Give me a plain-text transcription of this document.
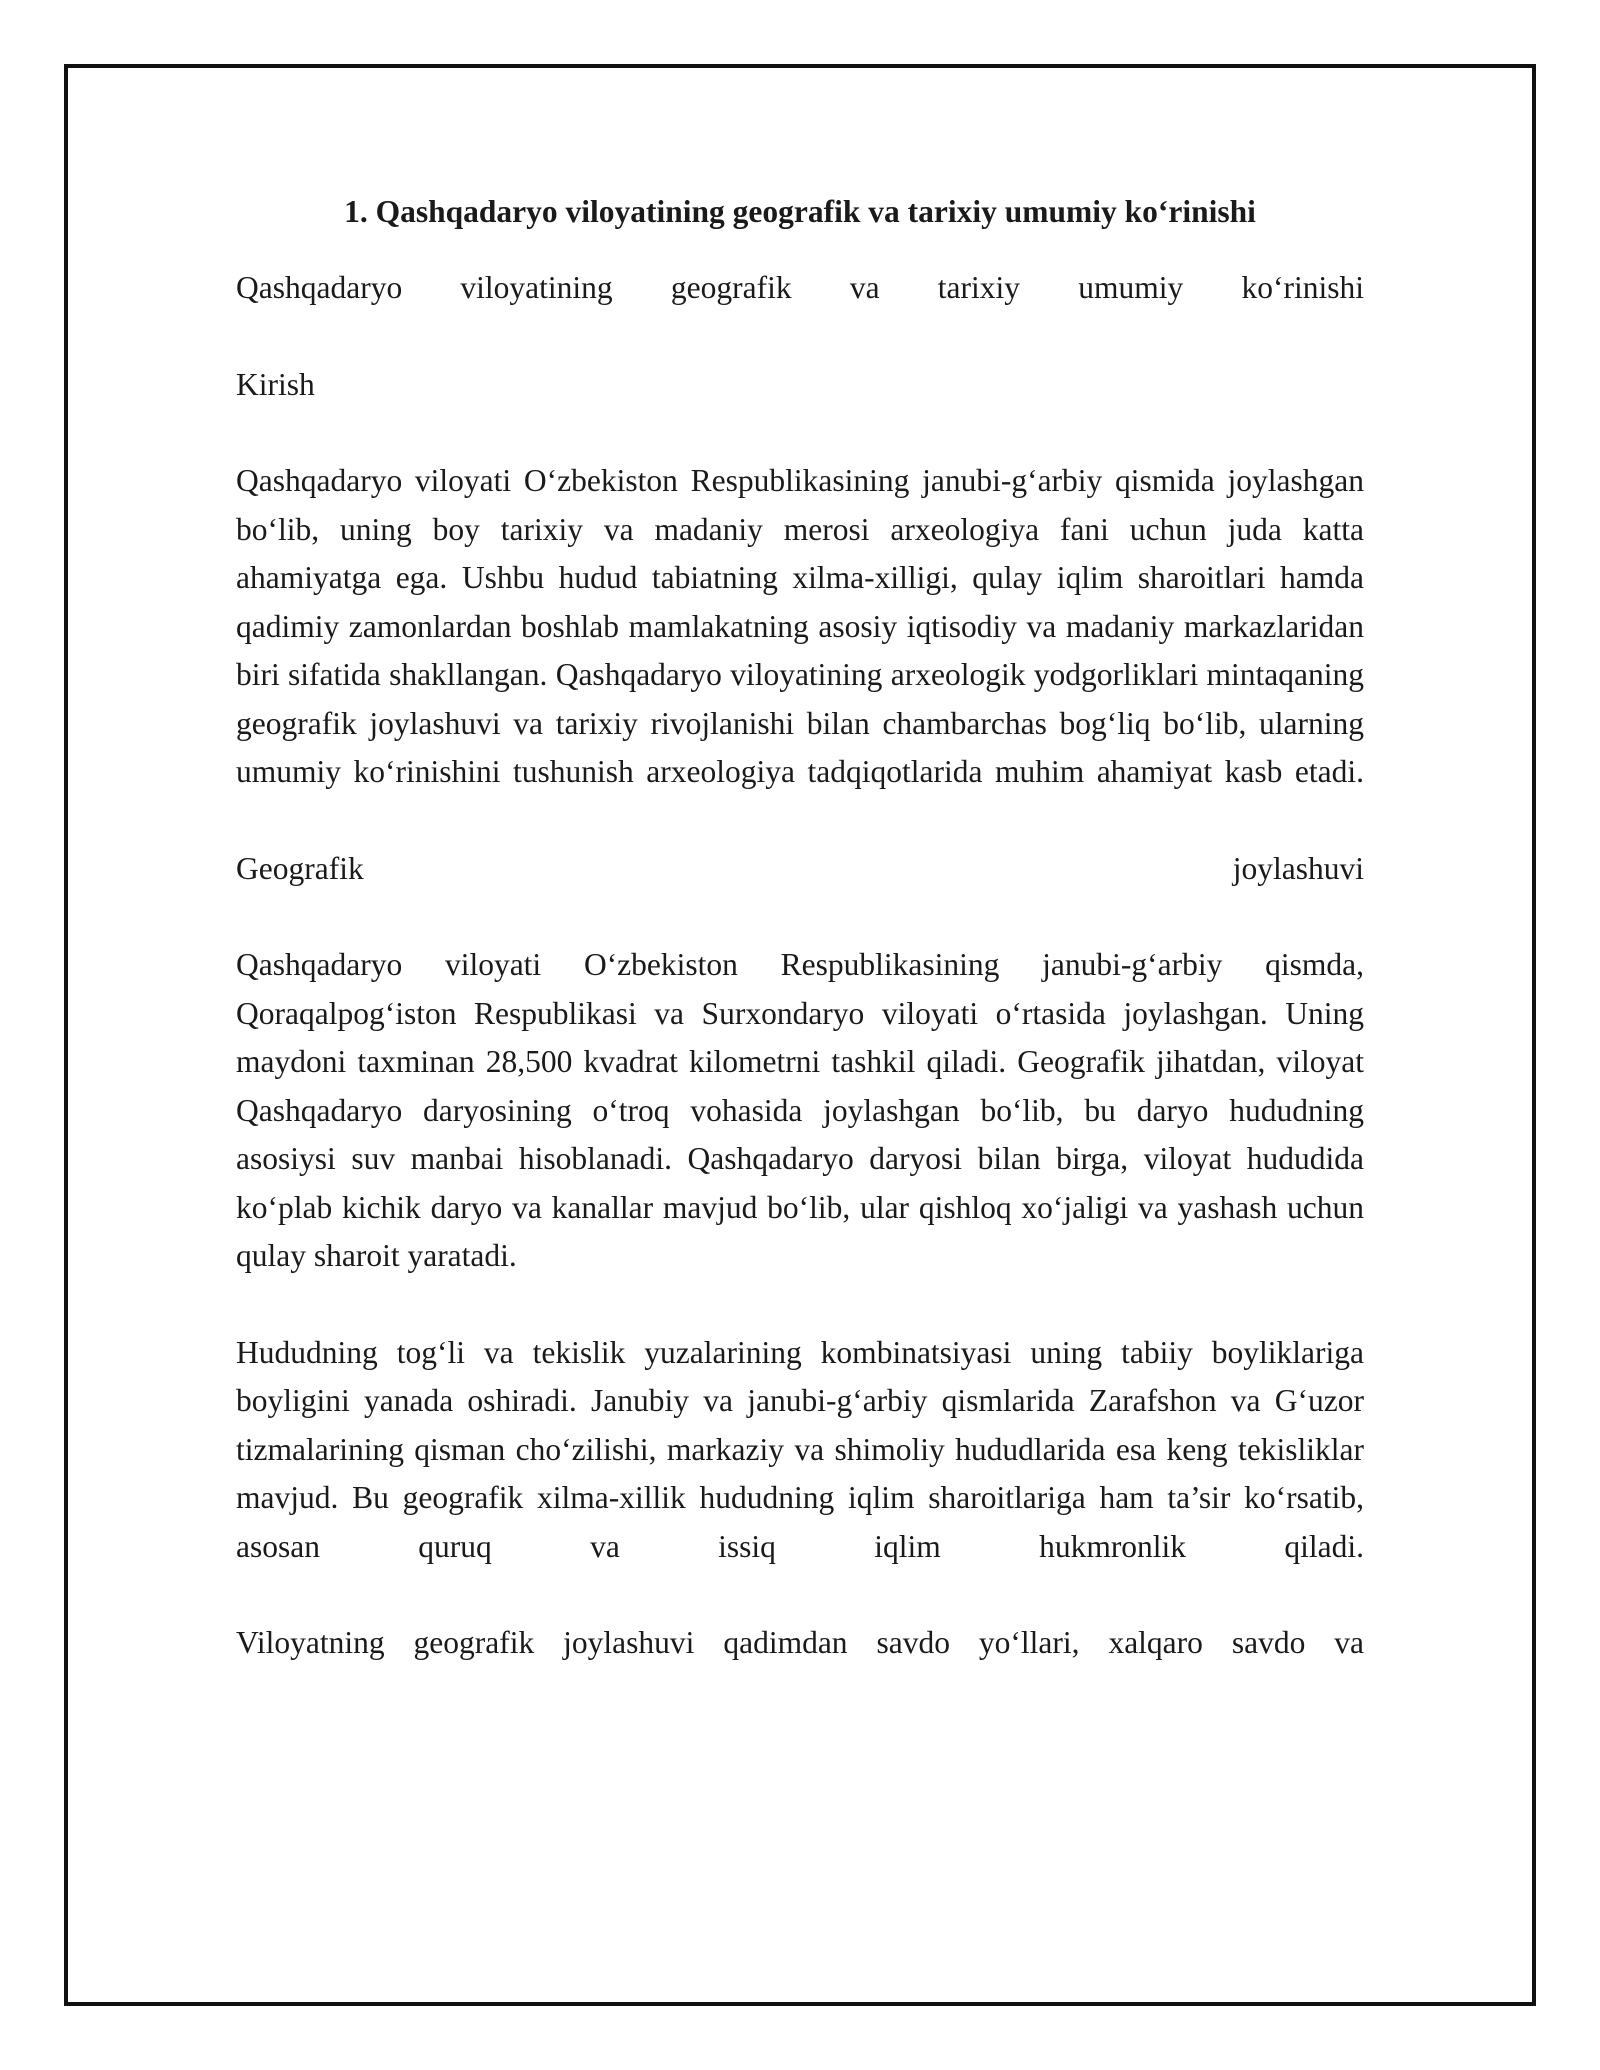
1. Qashqadaryo viloyatining geografik va tarixiy umumiy ko‘rinishi

Qashqadaryo viloyatining geografik va tarixiy umumiy ko‘rinishi

Kirish

Qashqadaryo viloyati O‘zbekiston Respublikasining janubi-g‘arbiy qismida joylashgan bo‘lib, uning boy tarixiy va madaniy merosi arxeologiya fani uchun juda katta ahamiyatga ega. Ushbu hudud tabiatning xilma-xilligi, qulay iqlim sharoitlari hamda qadimiy zamonlardan boshlab mamlakatning asosiy iqtisodiy va madaniy markazlaridan biri sifatida shakllangan. Qashqadaryo viloyatining arxeologik yodgorliklari mintaqaning geografik joylashuvi va tarixiy rivojlanishi bilan chambarchas bog‘liq bo‘lib, ularning umumiy ko‘rinishini tushunish arxeologiya tadqiqotlarida muhim ahamiyat kasb etadi.

Geografik joylashuvi

Qashqadaryo viloyati O‘zbekiston Respublikasining janubi-g‘arbiy qismda, Qoraqalpog‘iston Respublikasi va Surxondaryo viloyati o‘rtasida joylashgan. Uning maydoni taxminan 28,500 kvadrat kilometrni tashkil qiladi. Geografik jihatdan, viloyat Qashqadaryo daryosining o‘troq vohasida joylashgan bo‘lib, bu daryo hududning asosiysi suv manbai hisoblanadi. Qashqadaryo daryosi bilan birga, viloyat hududida ko‘plab kichik daryo va kanallar mavjud bo‘lib, ular qishloq xo‘jaligi va yashash uchun qulay sharoit yaratadi.

Hududning tog‘li va tekislik yuzalarining kombinatsiyasi uning tabiiy boyliklariga boyligini yanada oshiradi. Janubiy va janubi-g‘arbiy qismlarida Zarafshon va G‘uzor tizmalarining qisman cho‘zilishi, markaziy va shimoliy hududlarida esa keng tekisliklar mavjud. Bu geografik xilma-xillik hududning iqlim sharoitlariga ham ta’sir ko‘rsatib, asosan quruq va issiq iqlim hukmronlik qiladi.

Viloyatning geografik joylashuvi qadimdan savdo yo‘llari, xalqaro savdo va
